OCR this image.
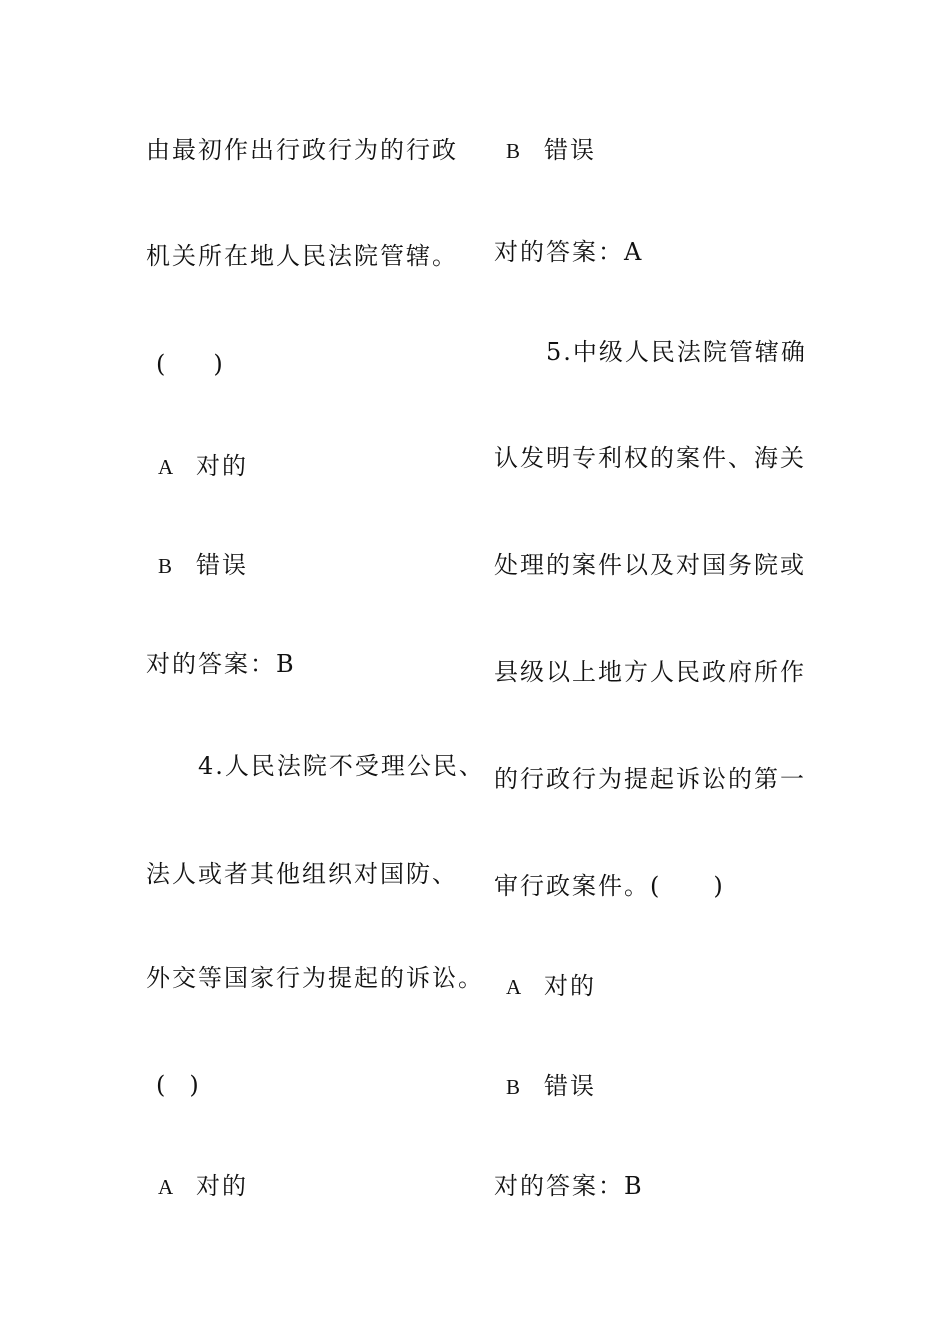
由最初作出行政行为的行政
机关所在地人民法院管辖。
(　　)
A 对的
B 错误
对的答案：B
4.人民法院不受理公民、
法人或者其他组织对国防、
外交等国家行为提起的诉讼。
(　)
A 对的
B 错误
对的答案：A
5.中级人民法院管辖确
认发明专利权的案件、海关
处理的案件以及对国务院或
县级以上地方人民政府所作
的行政行为提起诉讼的第一
审行政案件。(　　)
A 对的
B 错误
对的答案：B
